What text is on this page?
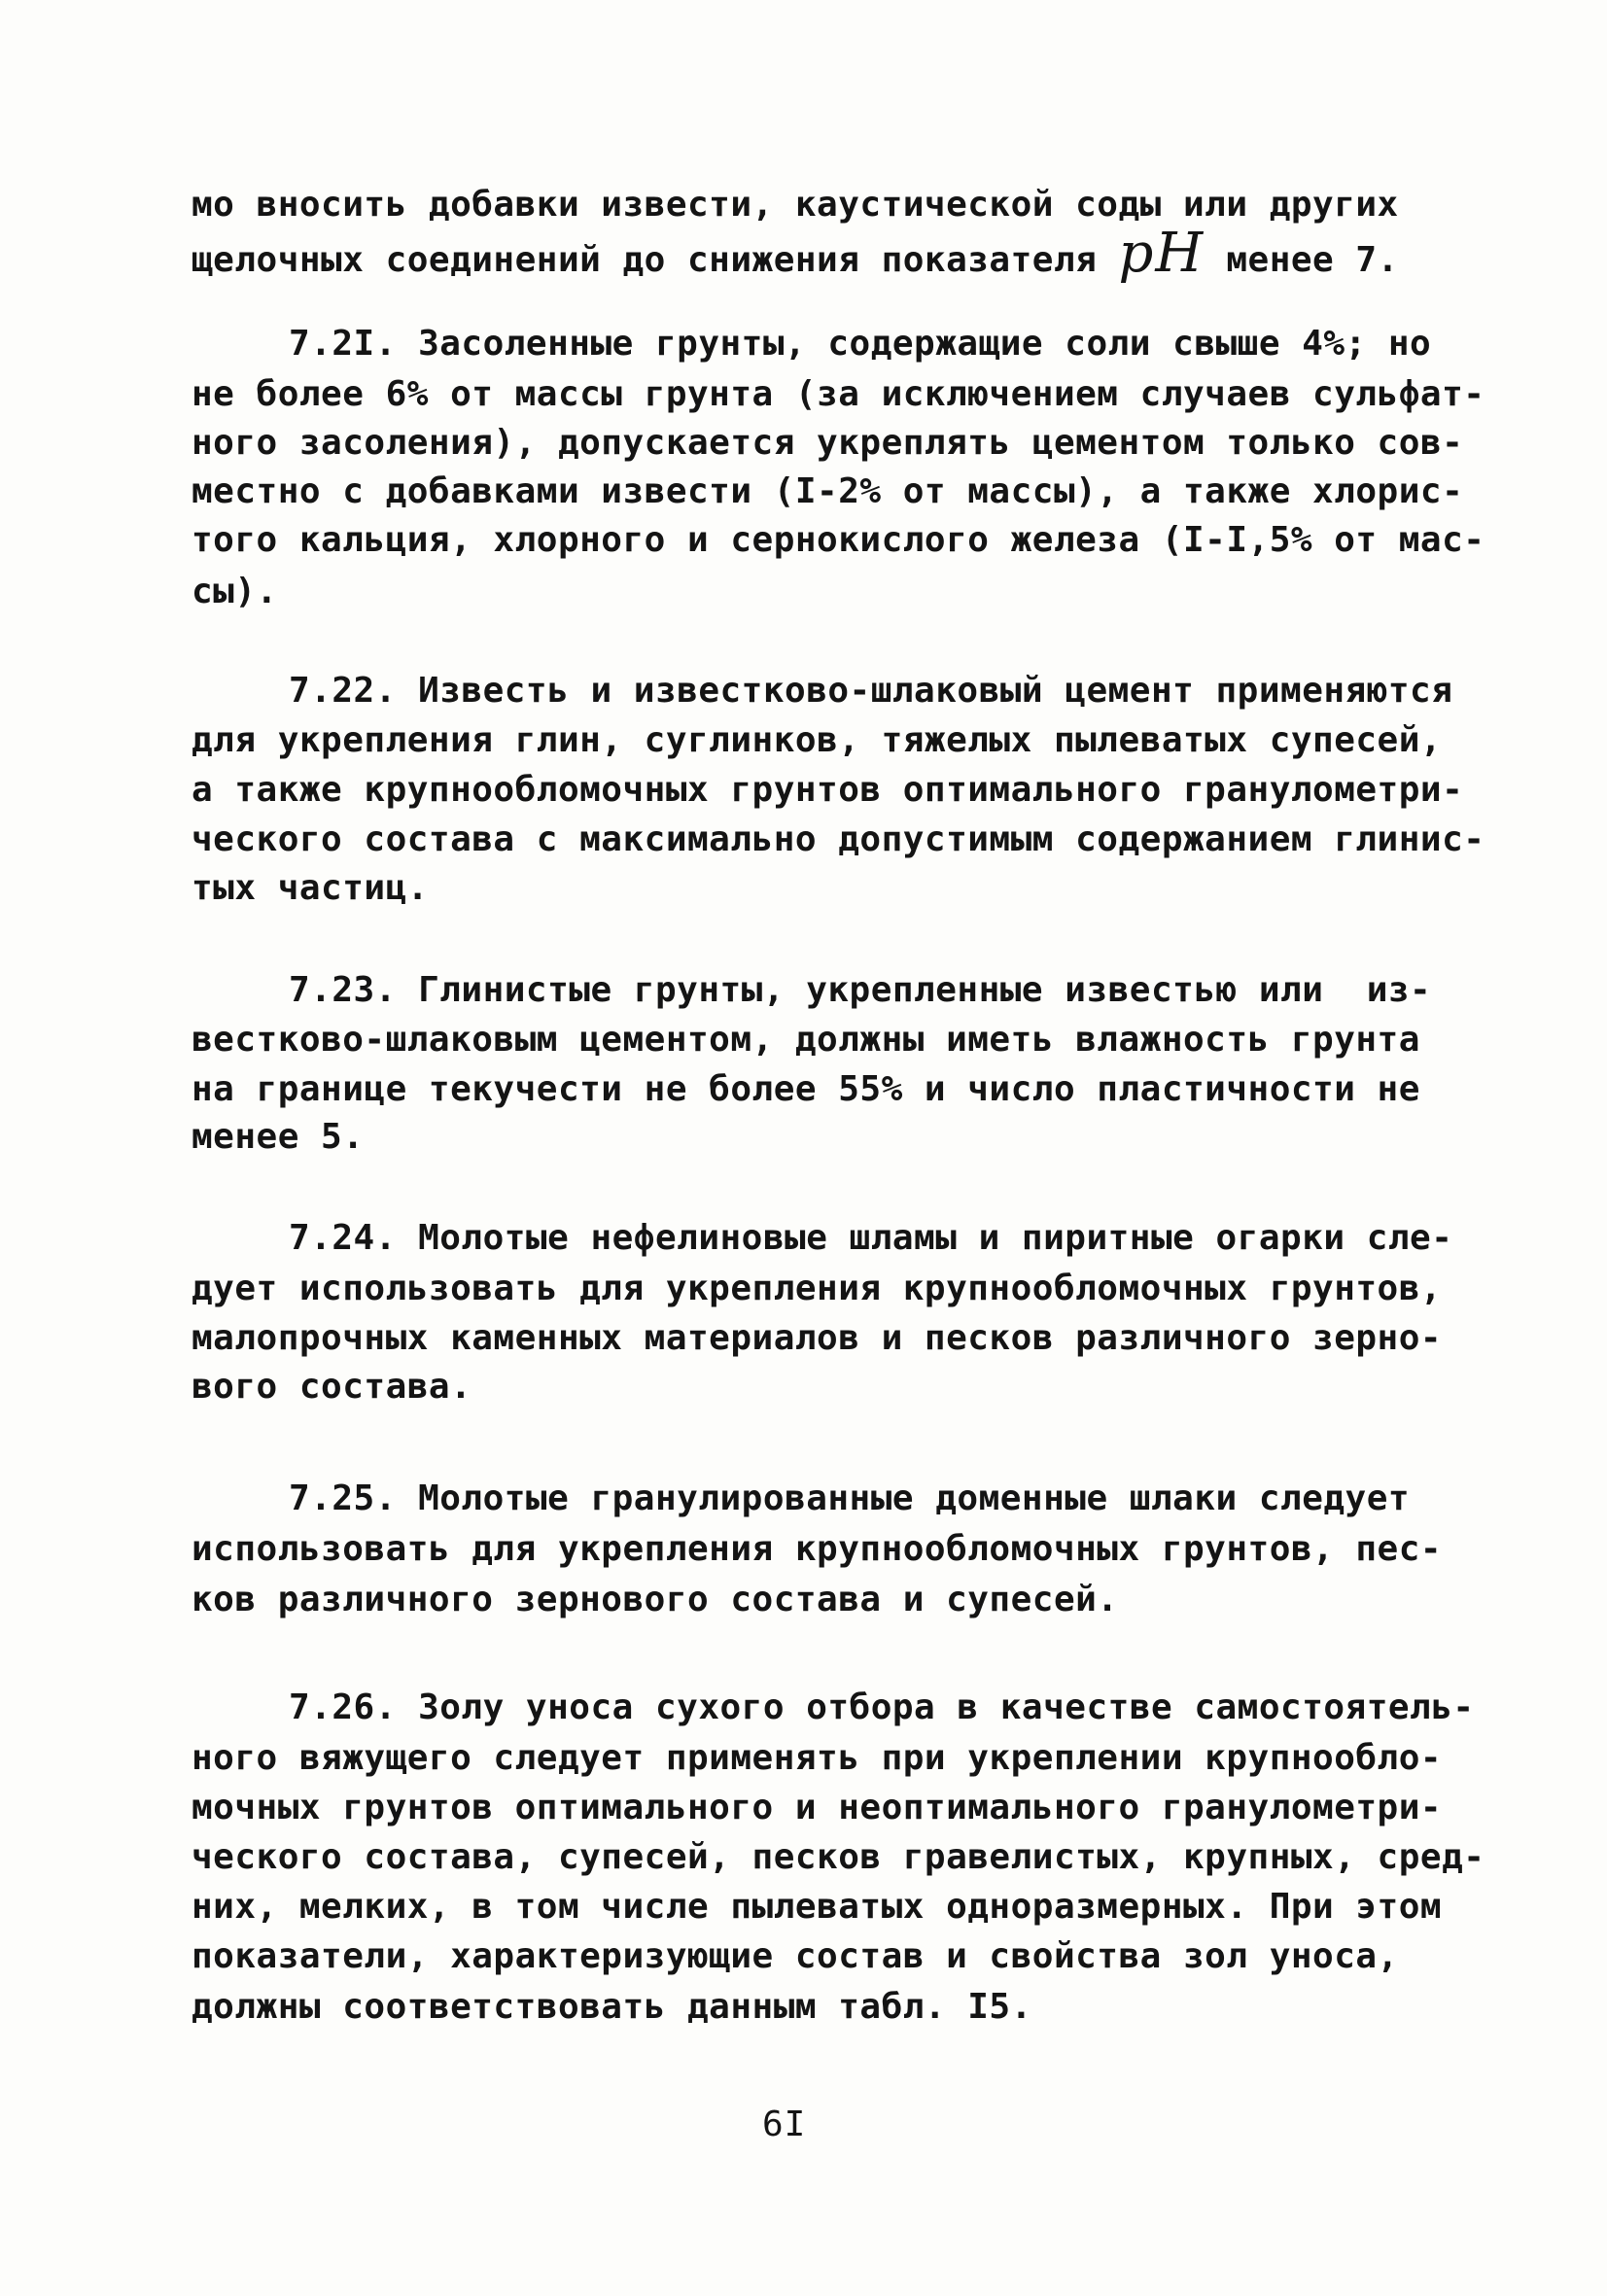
мо вносить добавки извести, каустической соды или других
щелочных соединений до снижения показателя pH менее 7.
7.2I. Засоленные грунты, содержащие соли свыше 4%; но
не более 6% от массы грунта (за исключением случаев сульфат-
ного засоления), допускается укреплять цементом только сов-
местно с добавками извести (I-2% от массы), а также хлорис-
того кальция, хлорного и сернокислого железа (I-I,5% от мас-
сы).
7.22. Известь и известково-шлаковый цемент применяются
для укрепления глин, суглинков, тяжелых пылеватых супесей,
а также крупнообломочных грунтов оптимального гранулометри-
ческого состава с максимально допустимым содержанием глинис-
тых частиц.
7.23. Глинистые грунты, укрепленные известью или  из-
вестково-шлаковым цементом, должны иметь влажность грунта
на границе текучести не более 55% и число пластичности не
менее 5.
7.24. Молотые нефелиновые шламы и пиритные огарки сле-
дует использовать для укрепления крупнообломочных грунтов,
малопрочных каменных материалов и песков различного зерно-
вого состава.
7.25. Молотые гранулированные доменные шлаки следует
использовать для укрепления крупнообломочных грунтов, пес-
ков различного зернового состава и супесей.
7.26. Золу уноса сухого отбора в качестве самостоятель-
ного вяжущего следует применять при укреплении крупнообло-
мочных грунтов оптимального и неоптимального гранулометри-
ческого состава, супесей, песков гравелистых, крупных, сред-
них, мелких, в том числе пылеватых одноразмерных. При этом
показатели, характеризующие состав и свойства зол уноса,
должны соответствовать данным табл. I5.
6I
